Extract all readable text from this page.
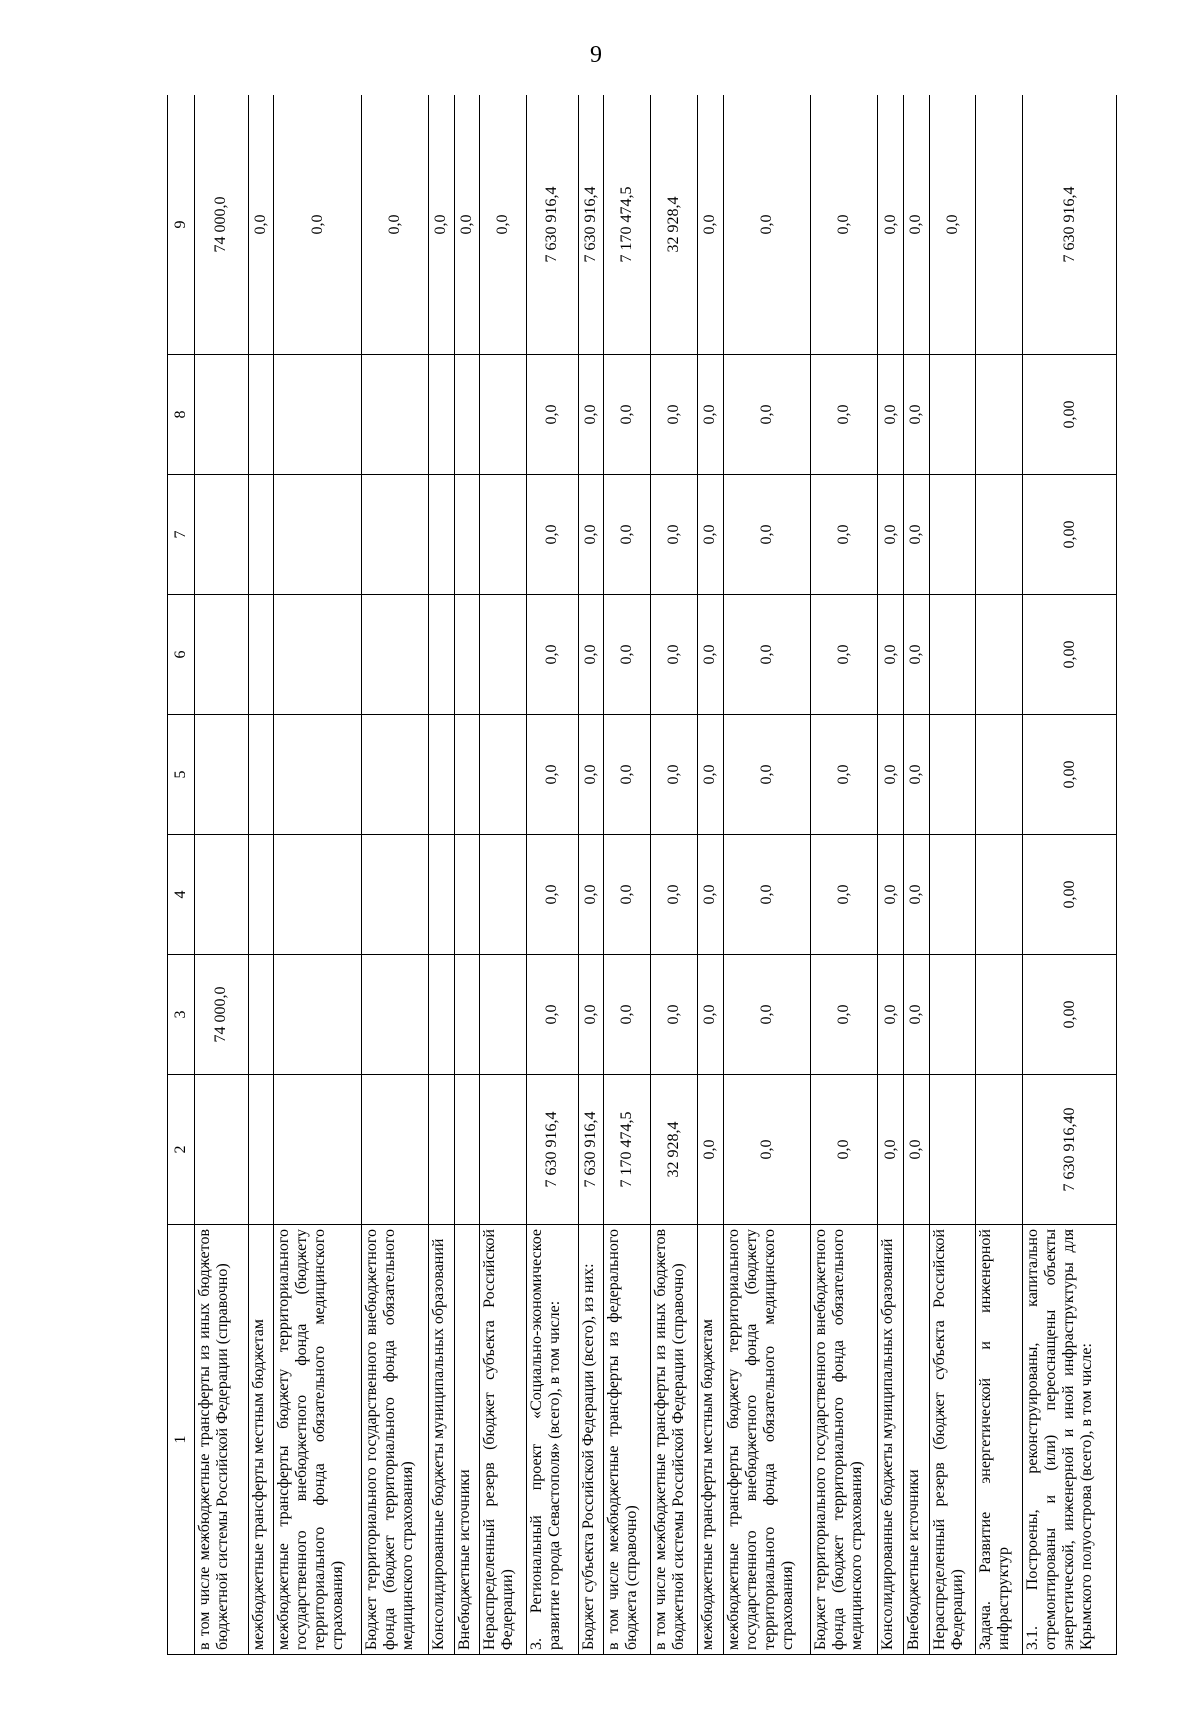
9
1	2	3	4	5	6	7	8	9
в том числе межбюджетные трансферты из иных бюджетов бюджетной системы Российской Федерации (справочно)		74 000,0						74 000,0
межбюджетные трансферты местным бюджетам								0,0
межбюджетные трансферты бюджету территориального государственного внебюджетного фонда (бюджету территориального фонда обязательного медицинского страхования)								0,0
Бюджет территориального государственного внебюджетного фонда (бюджет территориального фонда обязательного медицинского страхования)								0,0
Консолидированные бюджеты муниципальных образований								0,0
Внебюджетные источники								0,0
Нераспределенный резерв (бюджет субъекта Российской Федерации)								0,0
3. Региональный проект «Социально-экономическое развитие города Севастополя» (всего), в том числе:	7 630 916,4	0,0	0,0	0,0	0,0	0,0	0,0	7 630 916,4
Бюджет субъекта Российской Федерации (всего), из них:	7 630 916,4	0,0	0,0	0,0	0,0	0,0	0,0	7 630 916,4
в том числе межбюджетные трансферты из федерального бюджета (справочно)	7 170 474,5	0,0	0,0	0,0	0,0	0,0	0,0	7 170 474,5
в том числе межбюджетные трансферты из иных бюджетов бюджетной системы Российской Федерации (справочно)	32 928,4	0,0	0,0	0,0	0,0	0,0	0,0	32 928,4
межбюджетные трансферты местным бюджетам	0,0	0,0	0,0	0,0	0,0	0,0	0,0	0,0
межбюджетные трансферты бюджету территориального государственного внебюджетного фонда (бюджету территориального фонда обязательного медицинского страхования)	0,0	0,0	0,0	0,0	0,0	0,0	0,0	0,0
Бюджет территориального государственного внебюджетного фонда (бюджет территориального фонда обязательного медицинского страхования)	0,0	0,0	0,0	0,0	0,0	0,0	0,0	0,0
Консолидированные бюджеты муниципальных образований	0,0	0,0	0,0	0,0	0,0	0,0	0,0	0,0
Внебюджетные источники	0,0	0,0	0,0	0,0	0,0	0,0	0,0	0,0
Нераспределенный резерв (бюджет субъекта Российской Федерации)								0,0
Задача. Развитие энергетической и инженерной инфраструктур								
3.1. Построены, реконструированы, капитально отремонтированы и (или) переоснащены объекты энергетической, инженерной и иной инфраструктуры для Крымского полуострова (всего), в том числе:	7 630 916,40	0,00	0,00	0,00	0,00	0,00	0,00	7 630 916,4
